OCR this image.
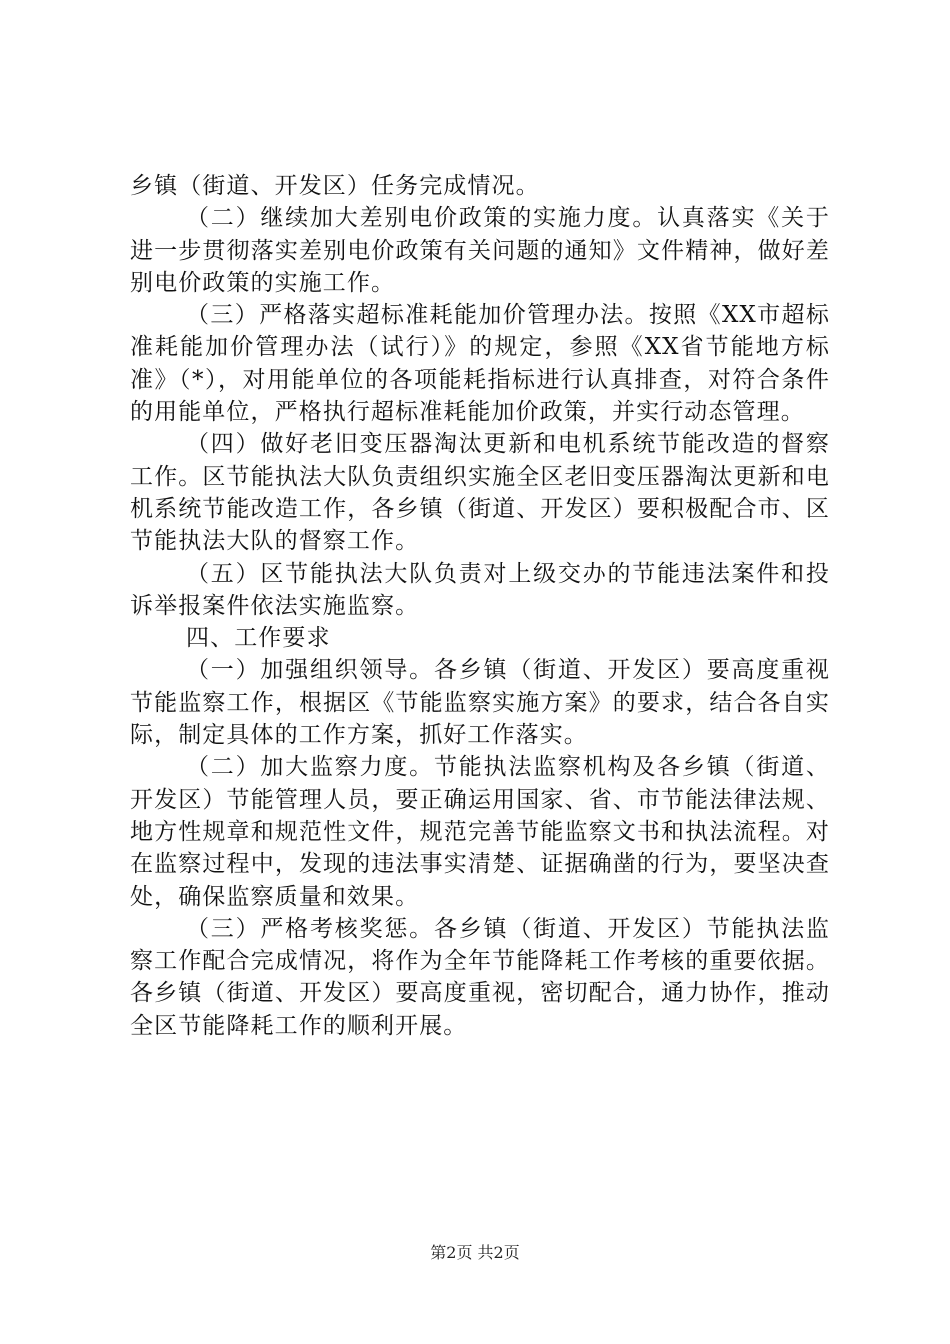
乡镇（街道、开发区）任务完成情况。

（二）继续加大差别电价政策的实施力度。认真落实《关于进一步贯彻落实差别电价政策有关问题的通知》文件精神，做好差别电价政策的实施工作。

（三）严格落实超标准耗能加价管理办法。按照《XX市超标准耗能加价管理办法（试行）》的规定，参照《XX省节能地方标准》（*），对用能单位的各项能耗指标进行认真排查，对符合条件的用能单位，严格执行超标准耗能加价政策，并实行动态管理。

（四）做好老旧变压器淘汰更新和电机系统节能改造的督察工作。区节能执法大队负责组织实施全区老旧变压器淘汰更新和电机系统节能改造工作，各乡镇（街道、开发区）要积极配合市、区节能执法大队的督察工作。

（五）区节能执法大队负责对上级交办的节能违法案件和投诉举报案件依法实施监察。

四、工作要求

（一）加强组织领导。各乡镇（街道、开发区）要高度重视节能监察工作，根据区《节能监察实施方案》的要求，结合各自实际，制定具体的工作方案，抓好工作落实。

（二）加大监察力度。节能执法监察机构及各乡镇（街道、开发区）节能管理人员，要正确运用国家、省、市节能法律法规、地方性规章和规范性文件，规范完善节能监察文书和执法流程。对在监察过程中，发现的违法事实清楚、证据确凿的行为，要坚决查处，确保监察质量和效果。

（三）严格考核奖惩。各乡镇（街道、开发区）节能执法监察工作配合完成情况，将作为全年节能降耗工作考核的重要依据。各乡镇（街道、开发区）要高度重视，密切配合，通力协作，推动全区节能降耗工作的顺利开展。

第2页 共2页
